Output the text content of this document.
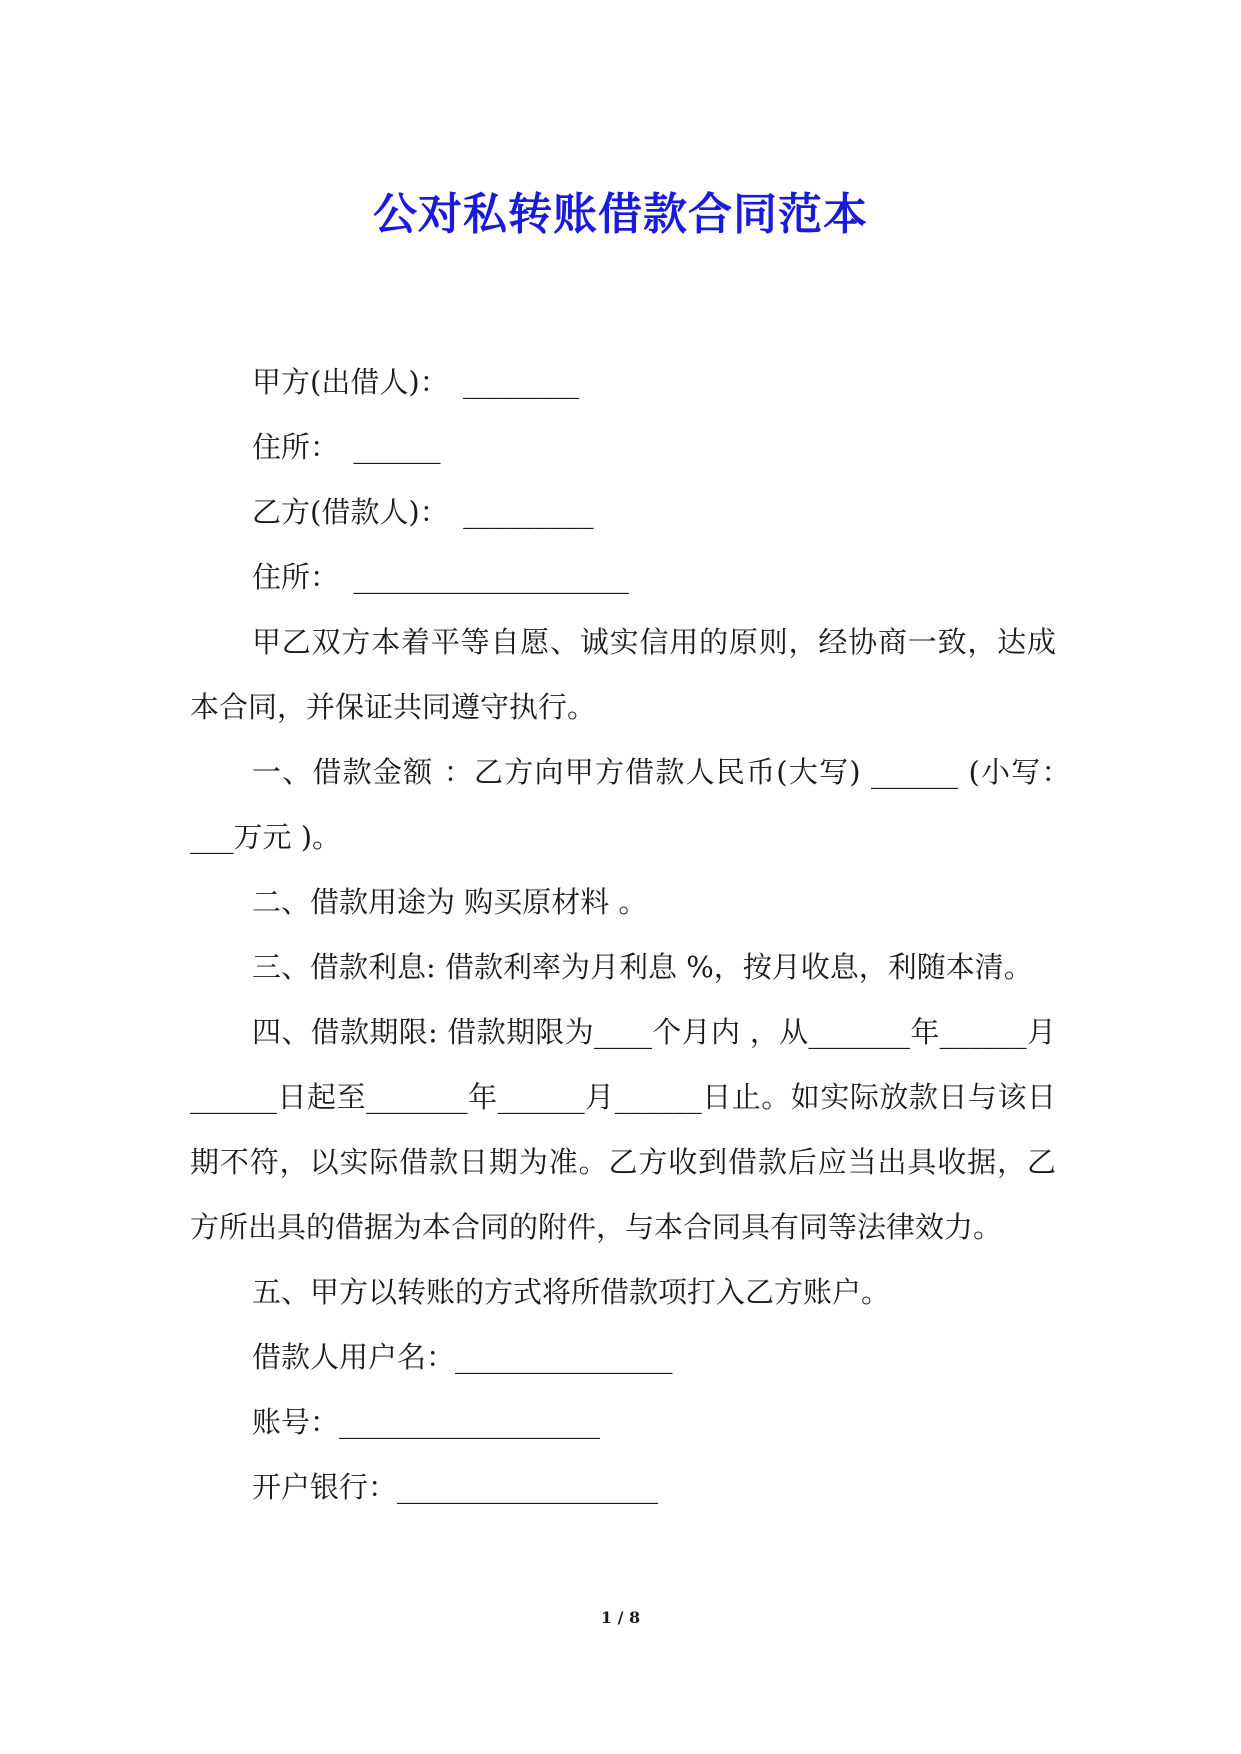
公对私转账借款合同范本

甲方(出借人)：　________

住所：　______

乙方(借款人)：　_________

住所：　___________________

甲乙双方本着平等自愿、诚实信用的原则，经协商一致，达成本合同，并保证共同遵守执行。

一、借款金额 ：乙方向甲方借款人民币(大写) ______ (小写：　___万元 )。

二、借款用途为 购买原材料 。

三、借款利息: 借款利率为月利息 %，按月收息，利随本清。

四、借款期限: 借款期限为____个月内 ，从_______年______月______日起至_______年______月______日止。如实际放款日与该日期不符，以实际借款日期为准。乙方收到借款后应当出具收据，乙方所出具的借据为本合同的附件，与本合同具有同等法律效力。

五、甲方以转账的方式将所借款项打入乙方账户。

借款人用户名：_______________

账号：__________________

开户银行：__________________

1 / 8
